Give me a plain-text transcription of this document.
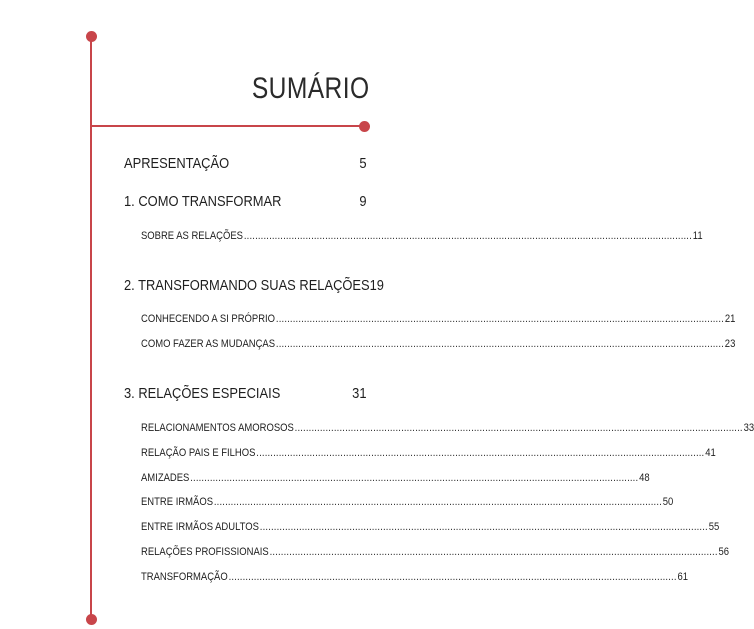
SUMÁRIO
APRESENTAÇÃO	5
1. COMO TRANSFORMAR	9
SOBRE AS RELAÇÕES ................................................................................................................................................................ 11
2. TRANSFORMANDO SUAS RELAÇÕES 19
CONHECENDO A SI PRÓPRIO ................................................................................................................................................................ 21
COMO FAZER AS MUDANÇAS ................................................................................................................................................................ 23
3. RELAÇÕES ESPECIAIS	31
RELACIONAMENTOS AMOROSOS ................................................................................................................................................................ 33
RELAÇÃO PAIS E FILHOS ................................................................................................................................................................ 41
AMIZADES ................................................................................................................................................................ 48
ENTRE IRMÃOS ................................................................................................................................................................ 50
ENTRE IRMÃOS ADULTOS ................................................................................................................................................................ 55
RELAÇÕES PROFISSIONAIS ................................................................................................................................................................ 56
TRANSFORMAÇÃO ................................................................................................................................................................ 61
